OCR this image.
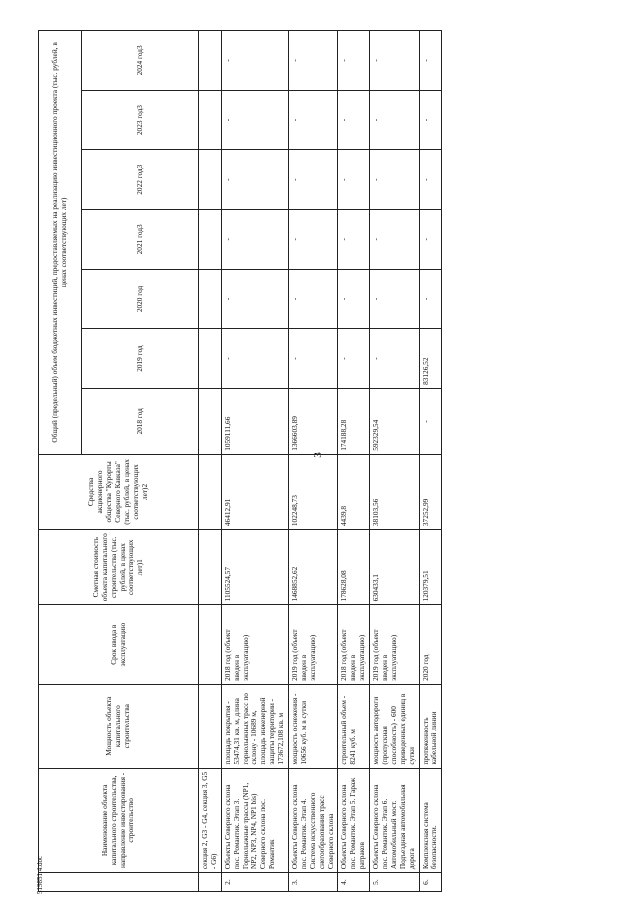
3
	Наименование объекта капитального строительства, направление инвестирования - строительство	Мощность объекта капитального строительства	Срок ввода в эксплуатацию	Сметная стоимость объекта капитального строительства (тыс. рублей, в ценах соответствующих лет)1	Средства акционерного общества "Курорты Северного Кавказа" (тыс. рублей, в ценах соответствующих лет)2	Общий (предельный) объем бюджетных инвестиций, предоставляемых на реализацию инвестиционного проекта (тыс. рублей, в ценах соответствующих лет)						
						2018 год	2019 год	2020 год	2021 год3	2022 год3	2023 год3	2024 год3
	секция 2, G3 - G4, секция 3, G5 - G6)											
2.	Объекты Северного склона пос. Романтик. Этап 3. Горнолыжные трассы (NP1, NP2, NP3, NP4, NP1 bis) Северного склона пос. Романтик	площадь покрытия - 53474,31 кв. м, длина горнолыжных трасс по склону - 10689 м, площадь инженерной защиты территории - 173672,108 кв. м	2018 год (объект введен в эксплуатацию)	1105524,57	46412,91	1059111,66	-	-	-	-	-	-
3.	Объекты Северного склона пос. Романтик. Этап 4. Система искусственного снегообразования трасс Северного склона	мощность оснежения - 10656 куб. м в сутки	2019 год (объект введен в эксплуатацию)	1468852,62	102248,73	1366603,89	-	-	-	-	-	-
4.	Объекты Северного склона пос. Романтик. Этап 5. Гараж ратраков	строительный объем - 8241 куб. м	2018 год (объект введен в эксплуатацию)	178628,08	4439,8	174188,28	-	-	-	-	-	-
5.	Объекты Северного склона пос. Романтик. Этап 6. Автомобильный мост. Подъездная автомобильная дорога	мощность автодороги (пропускная способность) - 600 приведенных единиц в сутки	2019 год (объект введен в эксплуатацию)	630433,1	38103,56	592329,54	-	-	-	-	-	-
6.	Комплексная система безопасности.	протяженность кабельной линии	2020 год	120379,51	37252,99	-	83126,52	-	-	-	-	-
519851 4.doc
